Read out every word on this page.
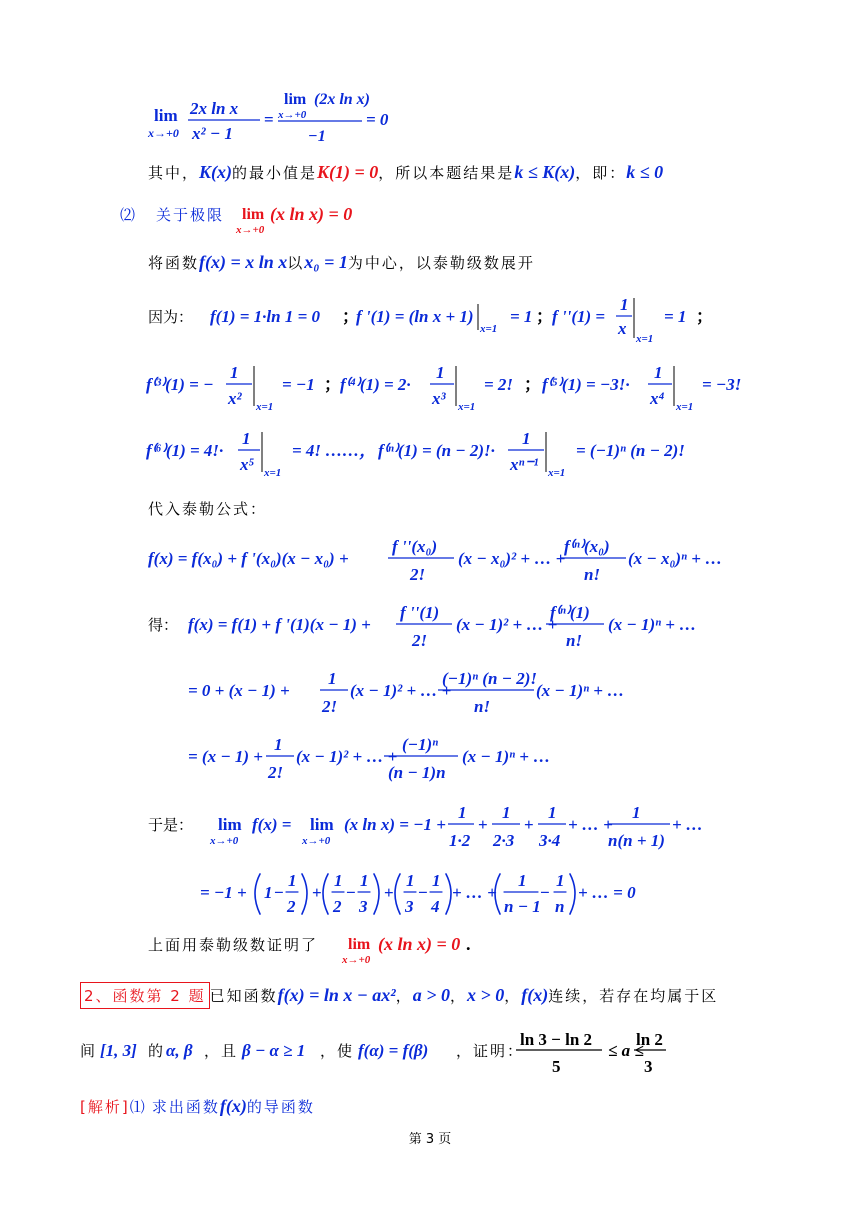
lim
x→+0
2x ln x
x² − 1
=
lim
x→+0
(2x ln x)
−1
= 0
其中，K(x)的最小值是K(1) = 0，所以本题结果是k ≤ K(x)，即：k ≤ 0
⑵ 关于极限 lim
x→+0
(x ln x) = 0
将函数f(x) = x ln x以x₀ = 1为中心，以泰勒级数展开
因为： f(1) = 1·ln 1 = 0 ；
f '(1) = (ln x + 1)
x=1
= 1 ； f ''(1) =
1
x
x=1
= 1 ；
f⁽³⁾(1) = −
1
x² x=1
= −1 ； f⁽⁴⁾(1) = 2·
1
x³ x=1
= 2! ； f⁽⁵⁾(1) = −3!·
1
x⁴ x=1
= −3!
f⁽⁶⁾(1) = 4!·
1
x⁵ x=1
= 4! ……， f⁽ⁿ⁾(1) = (n − 2)!·
1
xⁿ⁻¹ x=1
= (−1)ⁿ (n − 2)!
代入泰勒公式：
f(x) = f(x₀) + f '(x₀)(x − x₀) +
f ''(x₀)
2!
(x − x₀)² + … +
f⁽ⁿ⁾(x₀)
n!
(x − x₀)ⁿ + …
得： f(x) = f(1) + f '(1)(x − 1) +
f ''(1)
2!
(x − 1)² + … +
f⁽ⁿ⁾(1)
n!
(x − 1)ⁿ + …
= 0 + (x − 1) +
1
2!
(x − 1)² + … +
(−1)ⁿ (n − 2)!
n!
(x − 1)ⁿ + …
= (x − 1) +
1
2!
(x − 1)² + … +
(−1)ⁿ
(n − 1)n
(x − 1)ⁿ + …
于是： lim
x→+0
f(x) = lim
x→+0
(x ln x) = −1 +
1
1·2
+
1
2·3
+
1
3·4
+ … +
1
n(n + 1)
+ …
= −1 + 1 −
1
2
+
1
2
−
1
3
+
1
3
−
1
4
+ … +
1
n − 1
−
1
n
+ … = 0
上面用泰勒级数证明了 lim
x→+0
(x ln x) = 0 .
2、函数第 2 题 已知函数f(x) = ln x − ax²，a > 0，x > 0，f(x)连续，若存在均属于区
间 [1, 3] 的 α, β ，且 β − α ≥ 1 ，使 f(α) = f(β) ，证明：
ln 3 − ln 2
5
≤ a ≤
ln 2
3
[解析]⑴ 求出函数f(x)的导函数
第 3 页
